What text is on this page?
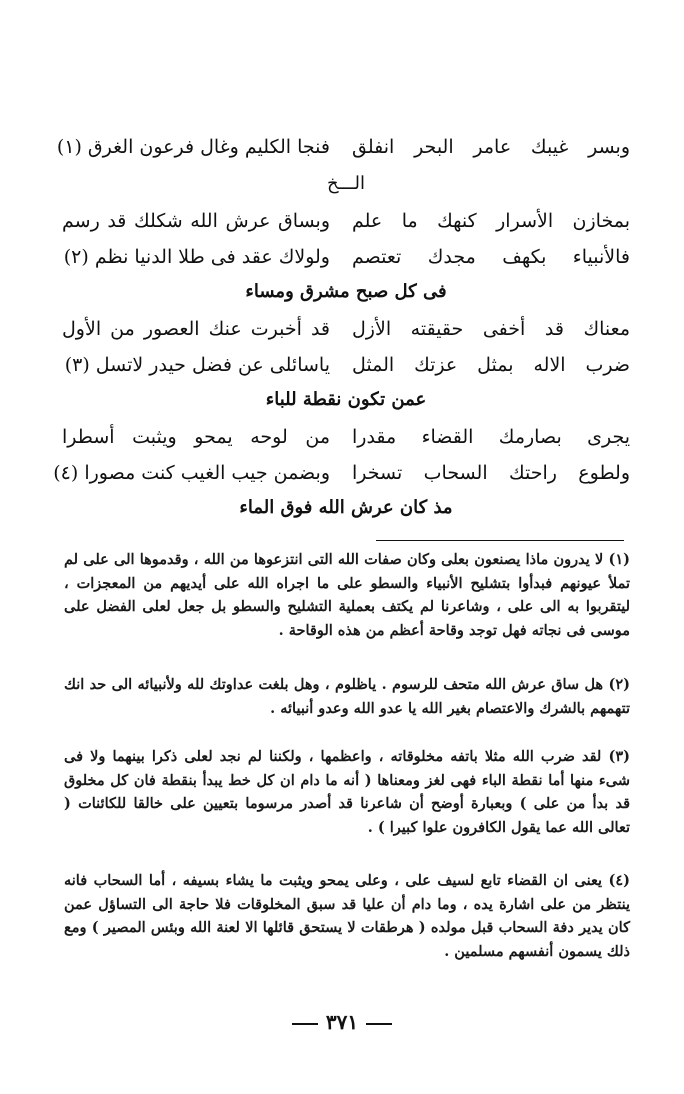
وبسر غيبك عامر البحر انفلق
فنجا الكليم وغال فرعون الغرق (١)
الـــخ
بمخازن الأسرار كنهك ما علم
وبساق عرش الله شكلك قد رسم
فالأنبياء بكهف مجدك تعتصم
ولولاك عقد فى طلا الدنيا نظم (٢)
فى كل صبح مشرق ومساء
معناك قد أخفى حقيقته الأزل
قد أخبرت عنك العصور من الأول
ضرب الاله بمثل عزتك المثل
ياسائلى عن فضل حيدر لاتسل (٣)
عمن تكون نقطة للباء
يجرى بصارمك القضاء مقدرا
من لوحه يمحو ويثبت أسطرا
ولطوع راحتك السحاب تسخرا
وبضمن جيب الغيب كنت مصورا (٤)
مذ كان عرش الله فوق الماء

(١) لا يدرون ماذا يصنعون بعلى وكان صفات الله التى انتزعوها من الله ، وقدموها الى على لم تملأ عيونهم فبدأوا بتشليح الأنبياء والسطو على ما اجراه الله على أيديهم من المعجزات ، ليتقربوا به الى على ، وشاعرنا لم يكتف بعملية التشليح والسطو بل جعل لعلى الفضل على موسى فى نجاته فهل توجد وقاحة أعظم من هذه الوقاحة .

(٢) هل ساق عرش الله متحف للرسوم . ياظلوم ، وهل بلغت عداوتك لله ولأنبيائه الى حد انك تتهمهم بالشرك والاعتصام بغير الله يا عدو الله وعدو أنبيائه .

(٣) لقد ضرب الله مثلا باتفه مخلوقاته ، واعظمها ، ولكننا لم نجد لعلى ذكرا بينهما ولا فى شىء منها أما نقطة الباء فهى لغز ومعناها ( أنه ما دام ان كل خط يبدأ بنقطة فان كل مخلوق قد بدأ من على ) وبعبارة أوضح أن شاعرنا قد أصدر مرسوما بتعيين على خالقا للكائنات ( تعالى الله عما يقول الكافرون علوا كبيرا ) .

(٤) يعنى ان القضاء تابع لسيف على ، وعلى يمحو ويثبت ما يشاء بسيفه ، أما السحاب فانه ينتظر من على اشارة يده ، وما دام أن عليا قد سبق المخلوقات فلا حاجة الى التساؤل عمن كان يدير دفة السحاب قبل مولده ( هرطقات لا يستحق قائلها الا لعنة الله وبئس المصير ) ومع ذلك يسمون أنفسهم مسلمين .

٣٧١
